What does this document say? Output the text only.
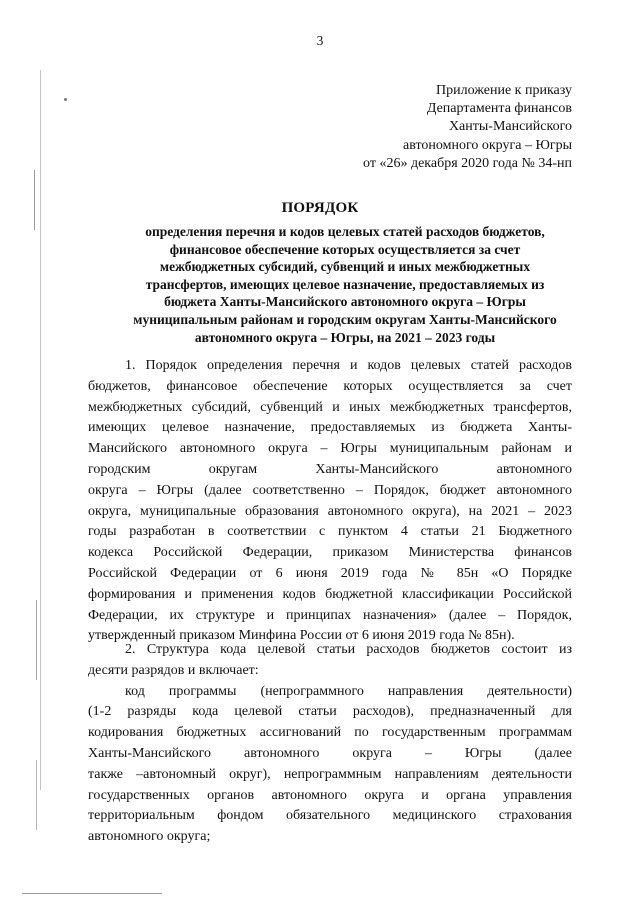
3
Приложение к приказу
Департамента финансов
Ханты-Мансийского
автономного округа – Югры
от «26» декабря 2020 года № 34-нп
ПОРЯДОК
определения перечня и кодов целевых статей расходов бюджетов,
финансовое обеспечение которых осуществляется за счет
межбюджетных субсидий, субвенций и иных межбюджетных
трансфертов, имеющих целевое назначение, предоставляемых из
бюджета Ханты-Мансийского автономного округа – Югры
муниципальным районам и городским округам Ханты-Мансийского
автономного округа – Югры, на 2021 – 2023 годы
1. Порядок определения перечня и кодов целевых статей расходов
бюджетов, финансовое обеспечение которых осуществляется за счет
межбюджетных субсидий, субвенций и иных межбюджетных трансфертов,
имеющих целевое назначение, предоставляемых из бюджета Ханты-
Мансийского автономного округа – Югры муниципальным районам и
городским округам Ханты-Мансийского автономного
округа – Югры (далее соответственно – Порядок, бюджет автономного
округа, муниципальные образования автономного округа), на 2021 – 2023
годы разработан в соответствии с пунктом 4 статьи 21 Бюджетного
кодекса Российской Федерации, приказом Министерства финансов
Российской Федерации от 6 июня 2019 года № 85н «О Порядке
формирования и применения кодов бюджетной классификации Российской
Федерации, их структуре и принципах назначения» (далее – Порядок,
утвержденный приказом Минфина России от 6 июня 2019 года № 85н).
2. Структура кода целевой статьи расходов бюджетов состоит из
десяти разрядов и включает:
код программы (непрограммного направления деятельности)
(1-2 разряды кода целевой статьи расходов), предназначенный для
кодирования бюджетных ассигнований по государственным программам
Ханты-Мансийского автономного округа – Югры (далее
также –автономный округ), непрограммным направлениям деятельности
государственных органов автономного округа и органа управления
территориальным фондом обязательного медицинского страхования
автономного округа;
